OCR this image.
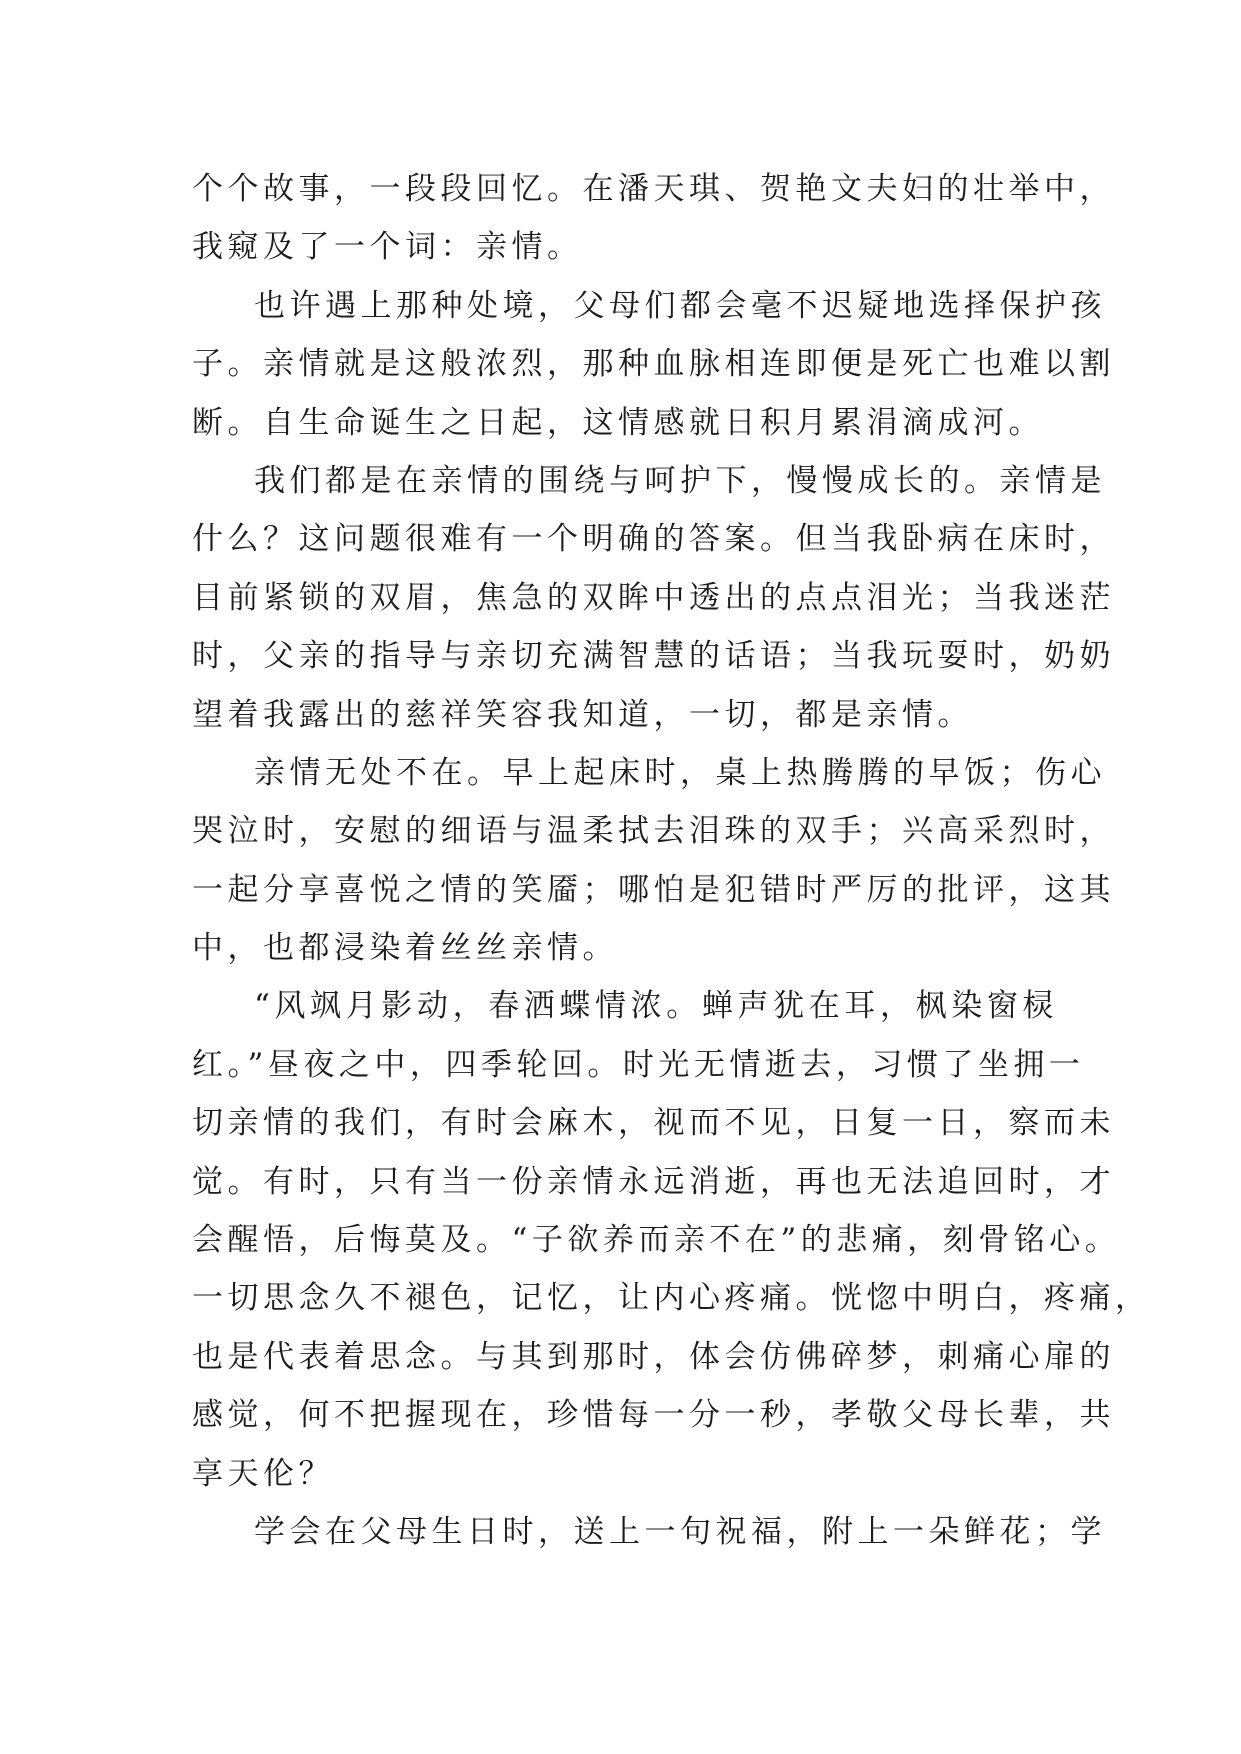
个个故事，一段段回忆。在潘天琪、贺艳文夫妇的壮举中，
我窥及了一个词：亲情。
也许遇上那种处境，父母们都会毫不迟疑地选择保护孩
子。亲情就是这般浓烈，那种血脉相连即便是死亡也难以割
断。自生命诞生之日起，这情感就日积月累涓滴成河。
我们都是在亲情的围绕与呵护下，慢慢成长的。亲情是
什么？这问题很难有一个明确的答案。但当我卧病在床时，
目前紧锁的双眉，焦急的双眸中透出的点点泪光；当我迷茫
时，父亲的指导与亲切充满智慧的话语；当我玩耍时，奶奶
望着我露出的慈祥笑容我知道，一切，都是亲情。
亲情无处不在。早上起床时，桌上热腾腾的早饭；伤心
哭泣时，安慰的细语与温柔拭去泪珠的双手；兴高采烈时，
一起分享喜悦之情的笑靥；哪怕是犯错时严厉的批评，这其
中，也都浸染着丝丝亲情。
“风飒月影动，春洒蝶情浓。蝉声犹在耳，枫染窗棂
红。”昼夜之中，四季轮回。时光无情逝去，习惯了坐拥一
切亲情的我们，有时会麻木，视而不见，日复一日，察而未
觉。有时，只有当一份亲情永远消逝，再也无法追回时，才
会醒悟，后悔莫及。“子欲养而亲不在”的悲痛，刻骨铭心。
一切思念久不褪色，记忆，让内心疼痛。恍惚中明白，疼痛，
也是代表着思念。与其到那时，体会仿佛碎梦，刺痛心扉的
感觉，何不把握现在，珍惜每一分一秒，孝敬父母长辈，共
享天伦？
学会在父母生日时，送上一句祝福，附上一朵鲜花；学
